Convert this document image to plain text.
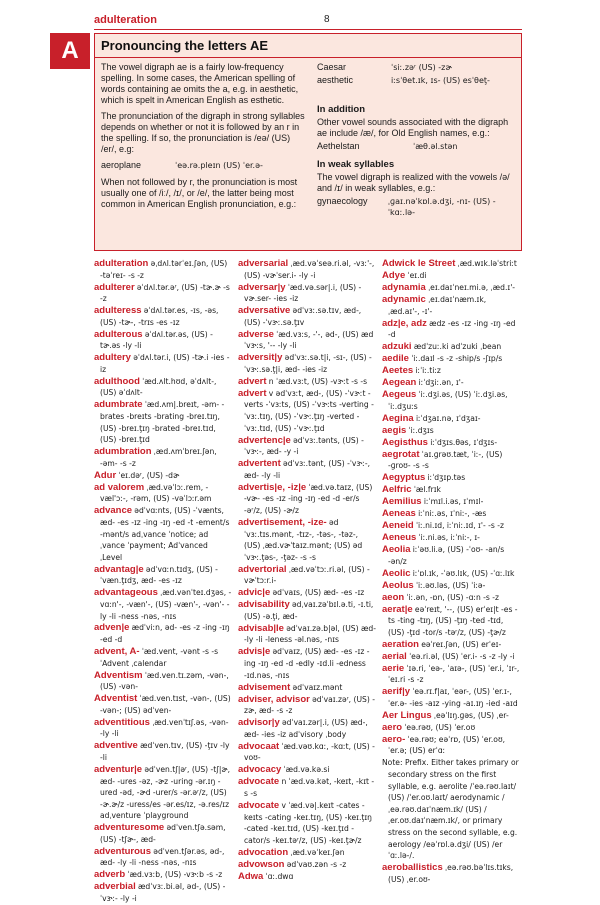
adulteration	8
A	Pronouncing the letters AE

The vowel digraph ae is a fairly low-frequency spelling. In some cases, the American spelling of words containing ae omits the a, e.g. in aesthetic, which is spelt in American English as esthetic.

The pronunciation of the digraph in strong syllables depends on whether or not it is followed by an r in the spelling. If so, the pronunciation is /eə/ (US) /er/, e.g:

aeroplane	ˈeə.rə.pleɪn (US) ˈer.ə-

When not followed by r, the pronunciation is most usually one of /iː/, /ɪ/, or /e/, the latter being most common in American English pronunciation, e.g.:

Caesar	ˈsiː.zəʳ (US) -zɚ
aesthetic	iːsˈθet.ɪk, ɪs- (US) esˈθeţ-
In addition

Other vowel sounds associated with the digraph ae include /æ/, for Old English names, e.g.:

Aethelstan	ˈæθ.əl.stən
In weak syllables

The vowel digraph is realized with the vowels /ə/ and /ɪ/ in weak syllables, e.g.:

gynaecology	ˌɡaɪ.nəˈkɒl.ə.dʒi, -nɪ- (US) -ˈkɑː.lə-
adulteration əˌdʌl.tərˈeɪ.ʃən, (US) -təˈreɪ- -s -z
adulterer əˈdʌl.tər.əʳ, (US) -tɚ.ɚ -s -z
adulteress əˈdʌl.tər.es, -ɪs, -əs, (US) -tɚ-, -trɪs -es -ɪz
adulterous əˈdʌl.tər.əs, (US) -tɚ.əs -ly -li
adultery əˈdʌl.tər.i, (US) -tɚ.i -ies -iz
adulthood ˈæd.ʌlt.hʊd, əˈdʌlt-, (US) əˈdʌlt-
adumbrate ˈæd.ʌm|.breɪt, -əm- -brates -breɪts -brating -breɪ.tɪŋ, (US) -breɪ.ţɪŋ -brated -breɪ.tɪd, (US) -breɪ.ţɪd
adumbration ˌæd.ʌmˈbreɪ.ʃən, -əm- -s -z
Adur ˈeɪ.dəʳ, (US) -dɚ
ad valorem ˌæd.vəˈlɔː.rem, -væl'ɔː-, -rəm, (US) -vəˈlɔːr.əm
advance ədˈvɑːnts, (US) -ˈvænts, æd- -es -ɪz -ing -ɪŋ -ed -t -ement/s -mənt/s adˌvance ˈnotice; adˌvance ˈpayment; Adˈvanced ˌLevel
advantag|e ədˈvɑːn.tɪdʒ, (US) -ˈvæn.ţɪdʒ, æd- -es -ɪz
advantageous ˌæd.vənˈteɪ.dʒəs, -vɑːn'-, -væn'-, (US) -væn'-, -vən'- -ly -li -ness -nəs, -nɪs
adven|e ædˈviːn, əd- -es -z -ing -ɪŋ -ed -d
advent, A- ˈæd.vent, -vənt -s -s ˈAdvent ˌcalendar
Adventism ˈæd.ven.tɪ.zəm, -vən-, (US) -vən-
Adventist ˈæd.ven.tɪst, -vən-, (US) -vən-; (US) ədˈven-
adventitious ˌæd.venˈtɪʃ.əs, -vən- -ly -li
adventive ædˈven.tɪv, (US) -ţɪv -ly -li
adventur|e ədˈven.tʃ|əʳ, (US) -tʃ|ɚ, æd- -ures -əz, -ɚz -uring -ər.ɪŋ -ured -əd, -ɚd -urer/s -ər.əʳ/z, (US) -ɚ.ɚ/z -uress/es -ər.es/ɪz, -ə.res/ɪz adˌventure ˈplayground
adventuresome ədˈven.tʃə.səm, (US) -tʃɚ-, æd-
adventurous ədˈven.tʃər.əs, əd-, æd- -ly -li -ness -nəs, -nɪs
adverb ˈæd.vɜːb, (US) -vɝːb -s -z
adverbial ædˈvɜː.bi.əl, əd-, (US) -ˈvɝː- -ly -i
adversarial ˌæd.vəˈseə.ri.əl, -vɜː'-, (US) -vɚˈser.i- -ly -i
adversar|y ˈæd.və.sər|.i, (US) -vɚ.ser- -ies -iz
adversative ədˈvɜː.sə.tɪv, æd-, (US) -ˈvɝː.sə.ţɪv
adverse ˈæd.vɜːs, -'-, əd-, (US) ædˈvɝːs, '-- -ly -li
adversit|y ədˈvɜː.sə.t|i, -sɪ-, (US) -ˈvɝː.sə.ţ|i, æd- -ies -iz
advert n ˈæd.vɜːt, (US) -vɝːt -s -s
advert v ədˈvɜːt, æd-, (US) -ˈvɝːt -verts -ˈvɜːts, (US) -ˈvɝːts -verting -ˈvɜː.tɪŋ, (US) -ˈvɝː.ţɪŋ -verted -ˈvɜː.tɪd, (US) -ˈvɝː.ţɪd
advertenc|e ədˈvɜː.tənts, (US) -ˈvɝː-, æd- -y -i
advertent ədˈvɜː.tənt, (US) -ˈvɝː-, æd- -ly -li
advertis|e, -iz|e ˈæd.və.taɪz, (US) -vɚ- -es -ɪz -ing -ɪŋ -ed -d -er/s -əʳ/z, (US) -ɚ/z
advertisement, -ize- ədˈvɜː.tɪs.mənt, -tɪz-, -təs-, -təz-, (US) ˌæd.vɚˈtaɪz.mənt; (US) ədˈvɝː.ţəs-, -ţəz- -s -s
advertorial ˌæd.vəˈtɔː.ri.əl, (US) -vɚˈtɔːr.i-
advic|e ədˈvaɪs, (US) æd- -es -ɪz
advisability ədˌvaɪ.zəˈbɪl.ə.ti, -ɪ.ti, (US) -ə.ţi, æd-
advisab|le ədˈvaɪ.zə.b|əl, (US) æd- -ly -li -leness -əl.nəs, -nɪs
advis|e ədˈvaɪz, (US) æd- -es -ɪz -ing -ɪŋ -ed -d -edly -ɪd.li -edness -ɪd.nəs, -nɪs
advisement ədˈvaɪz.mənt
adviser, advisor ədˈvaɪ.zəʳ, (US) -zɚ, æd- -s -z
advisor|y ədˈvaɪ.zər|.i, (US) æd-, æd- -ies -iz adˈvisory ˌbody
advocaat ˈæd.vəʊ.kɑː, -kɑːt, (US) -voʊ-
advocacy ˈæd.və.kə.si
advocate n ˈæd.və.kət, -keɪt, -kɪt -s -s
advocate v ˈæd.və|.keɪt -cates -keɪts -cating -keɪ.tɪŋ, (US) -keɪ.ţɪŋ -cated -keɪ.tɪd, (US) -keɪ.ţɪd -cator/s -keɪ.təʳ/z, (US) -keɪ.ţɚ/z
advocation ˌæd.vəˈkeɪ.ʃən
advowson ədˈvaʊ.zən -s -z
Adwa ˈɑː.dwɑ
Adwick le Street ˌæd.wɪk.ləˈstriːt
Adye ˈeɪ.di
adynamia ˌeɪ.daɪˈneɪ.mi.ə, ˌæd.ɪ'-
adynamic ˌeɪ.daɪˈnæm.ɪk, ˌæd.aɪ'-, -ɪ'-
adz|e, adz ædz -es -ɪz -ing -ɪŋ -ed -d
adzuki ædˈzuː.ki adˈzuki ˌbean
aedile ˈiː.daɪl -s -z -ship/s -ʃɪp/s
Aeetes iːˈiː.tiːz
Aegean iːˈdʒiː.ən, ɪ'-
Aegeus ˈiː.dʒi.əs, (US) ˈiː.dʒi.əs, ˈiː.dʒuːs
Aegina iːˈdʒaɪ.nə, ɪˈdʒaɪ-
aegis ˈiː.dʒɪs
Aegisthus iːˈdʒɪs.θəs, ɪˈdʒɪs-
aegrotat ˈaɪ.ɡrəʊ.tæt, ˈiː-, (US) -ɡroʊ- -s -s
Aegyptus iːˈdʒɪp.təs
Aelfric ˈæl.frɪk
Aemilius iːˈmɪl.i.əs, ɪˈmɪl-
Aeneas iːˈniː.əs, ɪˈniː-, -æs
Aeneid ˈiː.ni.ɪd, iːˈniː.ɪd, ɪ'- -s -z
Aeneus ˈiː.ni.əs, iːˈniː-, ɪ-
Aeolia iːˈəʊ.li.ə, (US) -ˈoʊ- -an/s -ən/z
Aeolic iːˈɒl.ɪk, -ˈəʊ.lɪk, (US) -ˈɑː.lɪk
Aeolus ˈiː.əʊ.ləs, (US) ˈiːə-
aeon ˈiː.ən, -ɒn, (US) -ɑːn -s -z
aerat|e eəˈreɪt, '--, (US) erˈeɪ|t -es -ts -ting -tɪŋ, (US) -ţɪŋ -ted -tɪd, (US) -ţɪd -tor/s -təʳ/z, (US) -ţɚ/z
aeration eəˈreɪ.ʃən, (US) erˈeɪ-
aerial ˈeə.ri.əl, (US) ˈer.i- -s -z -ly -i
aerie ˈɪə.ri, ˈeə-, ˈaɪə-, (US) ˈer.i, ˈɪr-, ˈeɪ.ri -s -z
aerif|y ˈeə.rɪ.f|aɪ, ˈeər-, (US) ˈer.ɪ-, ˈer.ə- -ies -aɪz -ying -aɪ.ɪŋ -ied -aɪd
Aer Lingus ˌeəˈlɪŋ.ɡəs, (US) ˌer-
aero ˈeə.rəʊ, (US) ˈer.oʊ
aero- ˈeə.rəʊ; eəˈrɒ, (US) ˈer.oʊ, ˈer.ə; (US) erˈɑː
Note: Prefix. Either takes primary or secondary stress on the first syllable, e.g. aerolite /ˈeə.rəʊ.laɪt/ (US) /ˈer.oʊ.laɪt/ aerodynamic /ˌeə.rəʊ.daɪˈnæm.ɪk/ (US) /ˌer.oʊ.daɪˈnæm.ɪk/, or primary stress on the second syllable, e.g. aerology /eəˈrɒl.ə.dʒi/ (US) /erˈɑː.lə-/.
aeroballistics ˌeə.rəʊ.bəˈlɪs.tɪks, (US) ˌer.oʊ-
